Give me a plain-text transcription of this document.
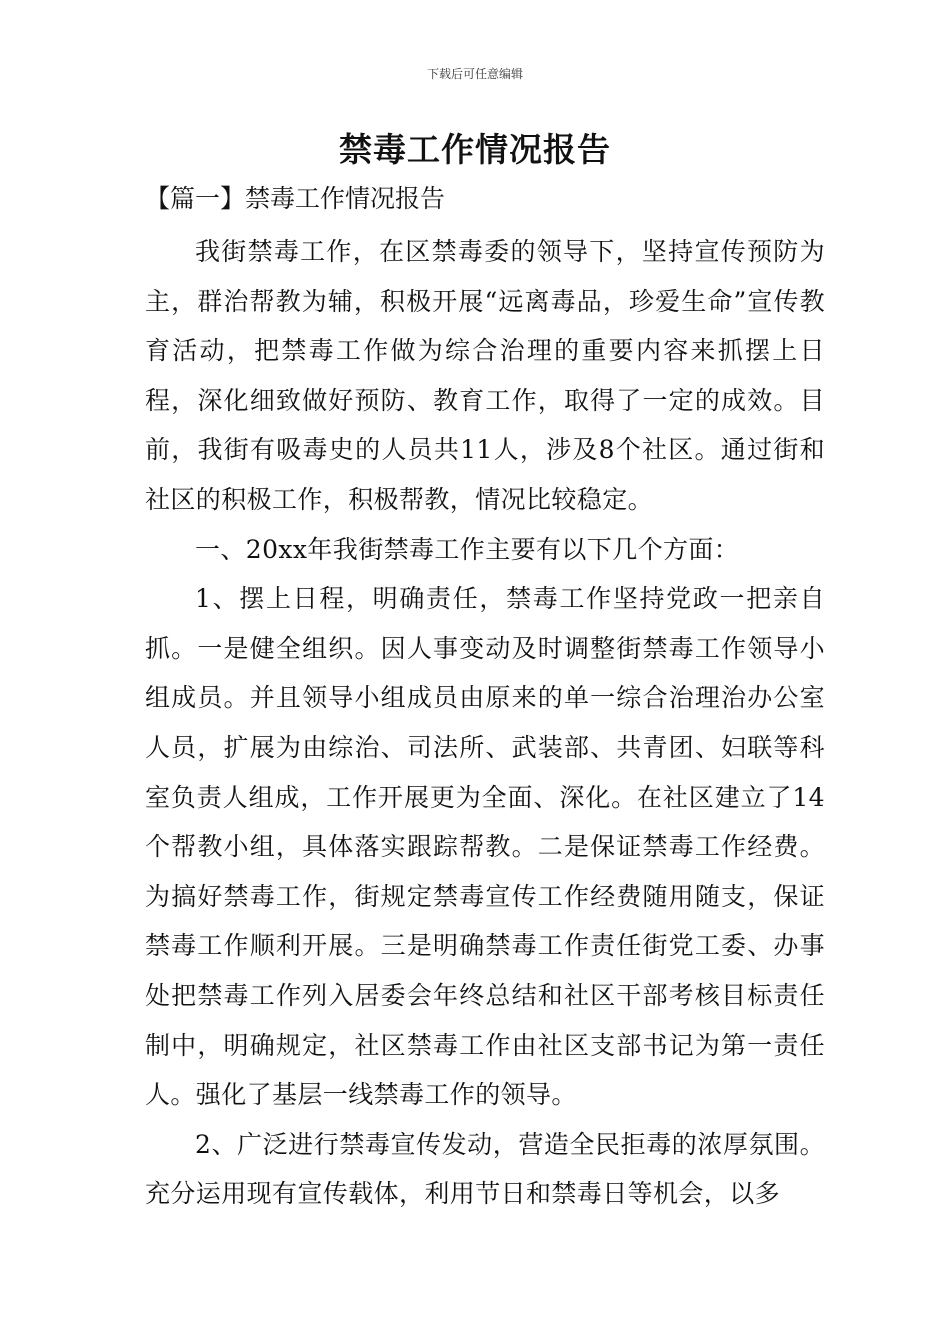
下载后可任意编辑
禁毒工作情况报告
【篇一】禁毒工作情况报告

我街禁毒工作，在区禁毒委的领导下，坚持宣传预防为主，群治帮教为辅，积极开展“远离毒品，珍爱生命”宣传教育活动，把禁毒工作做为综合治理的重要内容来抓摆上日程，深化细致做好预防、教育工作，取得了一定的成效。目前，我街有吸毒史的人员共11人，涉及8个社区。通过街和社区的积极工作，积极帮教，情况比较稳定。

一、20xx年我街禁毒工作主要有以下几个方面：

1、摆上日程，明确责任，禁毒工作坚持党政一把亲自抓。一是健全组织。因人事变动及时调整街禁毒工作领导小组成员。并且领导小组成员由原来的单一综合治理治办公室人员，扩展为由综治、司法所、武装部、共青团、妇联等科室负责人组成，工作开展更为全面、深化。在社区建立了14个帮教小组，具体落实跟踪帮教。二是保证禁毒工作经费。为搞好禁毒工作，街规定禁毒宣传工作经费随用随支，保证禁毒工作顺利开展。三是明确禁毒工作责任街党工委、办事处把禁毒工作列入居委会年终总结和社区干部考核目标责任制中，明确规定，社区禁毒工作由社区支部书记为第一责任人。强化了基层一线禁毒工作的领导。

2、广泛进行禁毒宣传发动，营造全民拒毒的浓厚氛围。充分运用现有宣传载体，利用节日和禁毒日等机会，以多
